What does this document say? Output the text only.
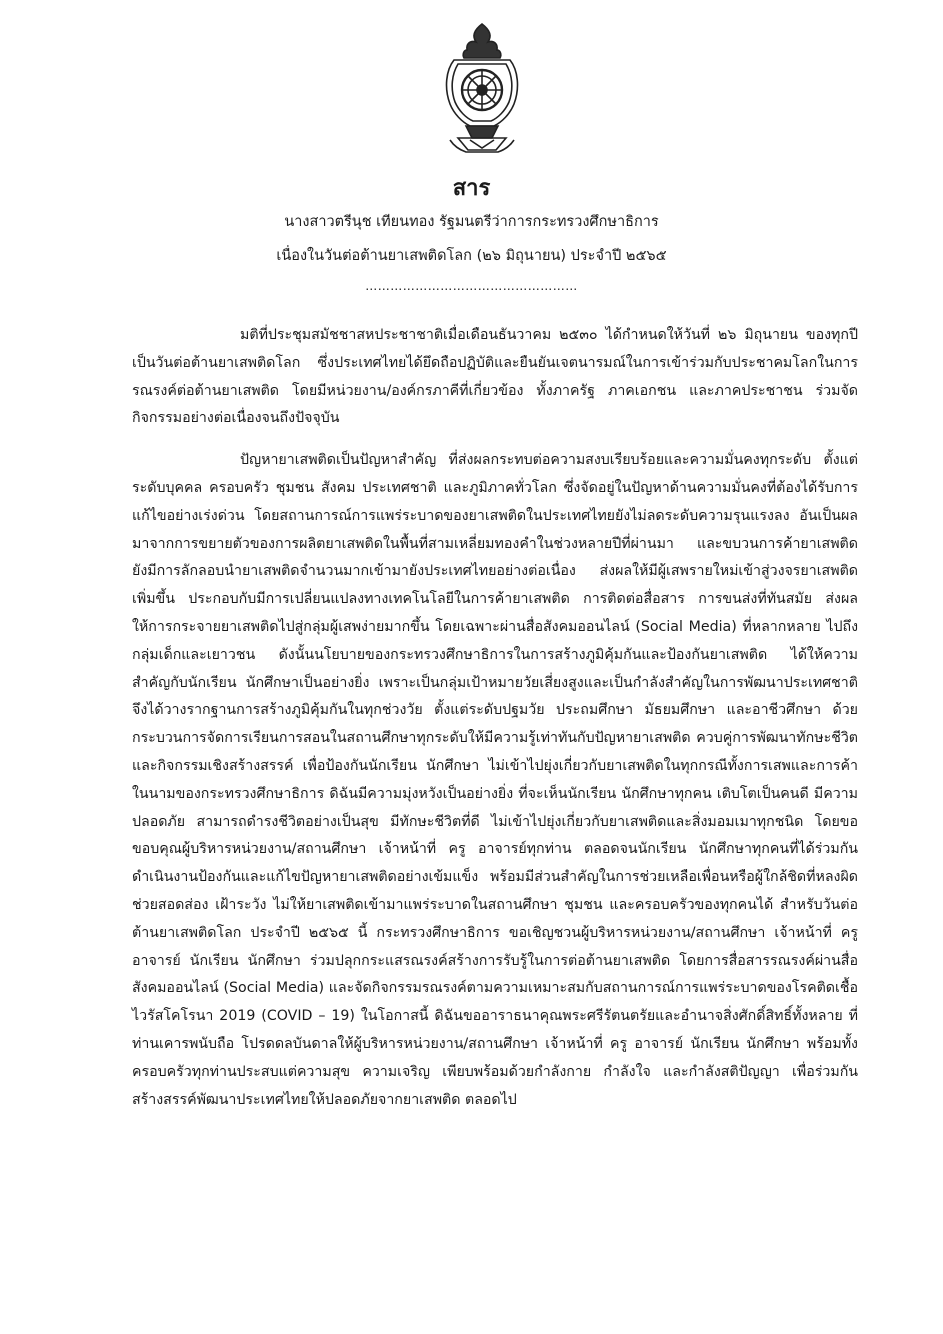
สาร
นางสาวตรีนุช เทียนทอง รัฐมนตรีว่าการกระทรวงศึกษาธิการ
เนื่องในวันต่อต้านยาเสพติดโลก (๒๖ มิถุนายน) ประจำปี ๒๕๖๕
……………………………………………

มติที่ประชุมสมัชชาสหประชาชาติเมื่อเดือนธันวาคม ๒๕๓๐ ได้กำหนดให้วันที่ ๒๖ มิถุนายน ของทุกปี เป็นวันต่อต้านยาเสพติดโลก ซึ่งประเทศไทยได้ยึดถือปฏิบัติและยืนยันเจตนารมณ์ในการเข้าร่วมกับประชาคมโลกในการรณรงค์ต่อต้านยาเสพติด โดยมีหน่วยงาน/องค์กรภาคีที่เกี่ยวข้อง ทั้งภาครัฐ ภาคเอกชน และภาคประชาชน ร่วมจัดกิจกรรมอย่างต่อเนื่องจนถึงปัจจุบัน

ปัญหายาเสพติดเป็นปัญหาสำคัญ ที่ส่งผลกระทบต่อความสงบเรียบร้อยและความมั่นคงทุกระดับ ตั้งแต่ระดับบุคคล ครอบครัว ชุมชน สังคม ประเทศชาติ และภูมิภาคทั่วโลก ซึ่งจัดอยู่ในปัญหาด้านความมั่นคงที่ต้องได้รับการแก้ไขอย่างเร่งด่วน โดยสถานการณ์การแพร่ระบาดของยาเสพติดในประเทศไทยยังไม่ลดระดับความรุนแรงลง อันเป็นผลมาจากการขยายตัวของการผลิตยาเสพติดในพื้นที่สามเหลี่ยมทองคำในช่วงหลายปีที่ผ่านมา และขบวนการค้ายาเสพติด ยังมีการลักลอบนำยาเสพติดจำนวนมากเข้ามายังประเทศไทยอย่างต่อเนื่อง ส่งผลให้มีผู้เสพรายใหม่เข้าสู่วงจรยาเสพติดเพิ่มขึ้น ประกอบกับมีการเปลี่ยนแปลงทางเทคโนโลยีในการค้ายาเสพติด การติดต่อสื่อสาร การขนส่งที่ทันสมัย ส่งผลให้การกระจายยาเสพติดไปสู่กลุ่มผู้เสพง่ายมากขึ้น โดยเฉพาะผ่านสื่อสังคมออนไลน์ (Social Media) ที่หลากหลาย ไปถึงกลุ่มเด็กและเยาวชน ดังนั้นนโยบายของกระทรวงศึกษาธิการในการสร้างภูมิคุ้มกันและป้องกันยาเสพติด ได้ให้ความสำคัญกับนักเรียน นักศึกษาเป็นอย่างยิ่ง เพราะเป็นกลุ่มเป้าหมายวัยเสี่ยงสูงและเป็นกำลังสำคัญในการพัฒนาประเทศชาติ จึงได้วางรากฐานการสร้างภูมิคุ้มกันในทุกช่วงวัย ตั้งแต่ระดับปฐมวัย ประถมศึกษา มัธยมศึกษา และอาชีวศึกษา ด้วยกระบวนการจัดการเรียนการสอนในสถานศึกษาทุกระดับให้มีความรู้เท่าทันกับปัญหายาเสพติด ควบคู่การพัฒนาทักษะชีวิตและกิจกรรมเชิงสร้างสรรค์ เพื่อป้องกันนักเรียน นักศึกษา ไม่เข้าไปยุ่งเกี่ยวกับยาเสพติดในทุกกรณีทั้งการเสพและการค้า ในนามของกระทรวงศึกษาธิการ ดิฉันมีความมุ่งหวังเป็นอย่างยิ่ง ที่จะเห็นนักเรียน นักศึกษาทุกคน เติบโตเป็นคนดี มีความปลอดภัย สามารถดำรงชีวิตอย่างเป็นสุข มีทักษะชีวิตที่ดี ไม่เข้าไปยุ่งเกี่ยวกับยาเสพติดและสิ่งมอมเมาทุกชนิด โดยขอขอบคุณผู้บริหารหน่วยงาน/สถานศึกษา เจ้าหน้าที่ ครู อาจารย์ทุกท่าน ตลอดจนนักเรียน นักศึกษาทุกคนที่ได้ร่วมกันดำเนินงานป้องกันและแก้ไขปัญหายาเสพติดอย่างเข้มแข็ง พร้อมมีส่วนสำคัญในการช่วยเหลือเพื่อนหรือผู้ใกล้ชิดที่หลงผิด ช่วยสอดส่อง เฝ้าระวัง ไม่ให้ยาเสพติดเข้ามาแพร่ระบาดในสถานศึกษา ชุมชน และครอบครัวของทุกคนได้ สำหรับวันต่อต้านยาเสพติดโลก ประจำปี ๒๕๖๕ นี้ กระทรวงศึกษาธิการ ขอเชิญชวนผู้บริหารหน่วยงาน/สถานศึกษา เจ้าหน้าที่ ครู อาจารย์ นักเรียน นักศึกษา ร่วมปลุกกระแสรณรงค์สร้างการรับรู้ในการต่อต้านยาเสพติด โดยการสื่อสารรณรงค์ผ่านสื่อสังคมออนไลน์ (Social Media) และจัดกิจกรรมรณรงค์ตามความเหมาะสมกับสถานการณ์การแพร่ระบาดของโรคติดเชื้อไวรัสโคโรนา 2019 (COVID – 19) ในโอกาสนี้ ดิฉันขออาราธนาคุณพระศรีรัตนตรัยและอำนาจสิ่งศักดิ์สิทธิ์ทั้งหลาย ที่ท่านเคารพนับถือ โปรดดลบันดาลให้ผู้บริหารหน่วยงาน/สถานศึกษา เจ้าหน้าที่ ครู อาจารย์ นักเรียน นักศึกษา พร้อมทั้งครอบครัวทุกท่านประสบแต่ความสุข ความเจริญ เพียบพร้อมด้วยกำลังกาย กำลังใจ และกำลังสติปัญญา เพื่อร่วมกันสร้างสรรค์พัฒนาประเทศไทยให้ปลอดภัยจากยาเสพติด ตลอดไป
